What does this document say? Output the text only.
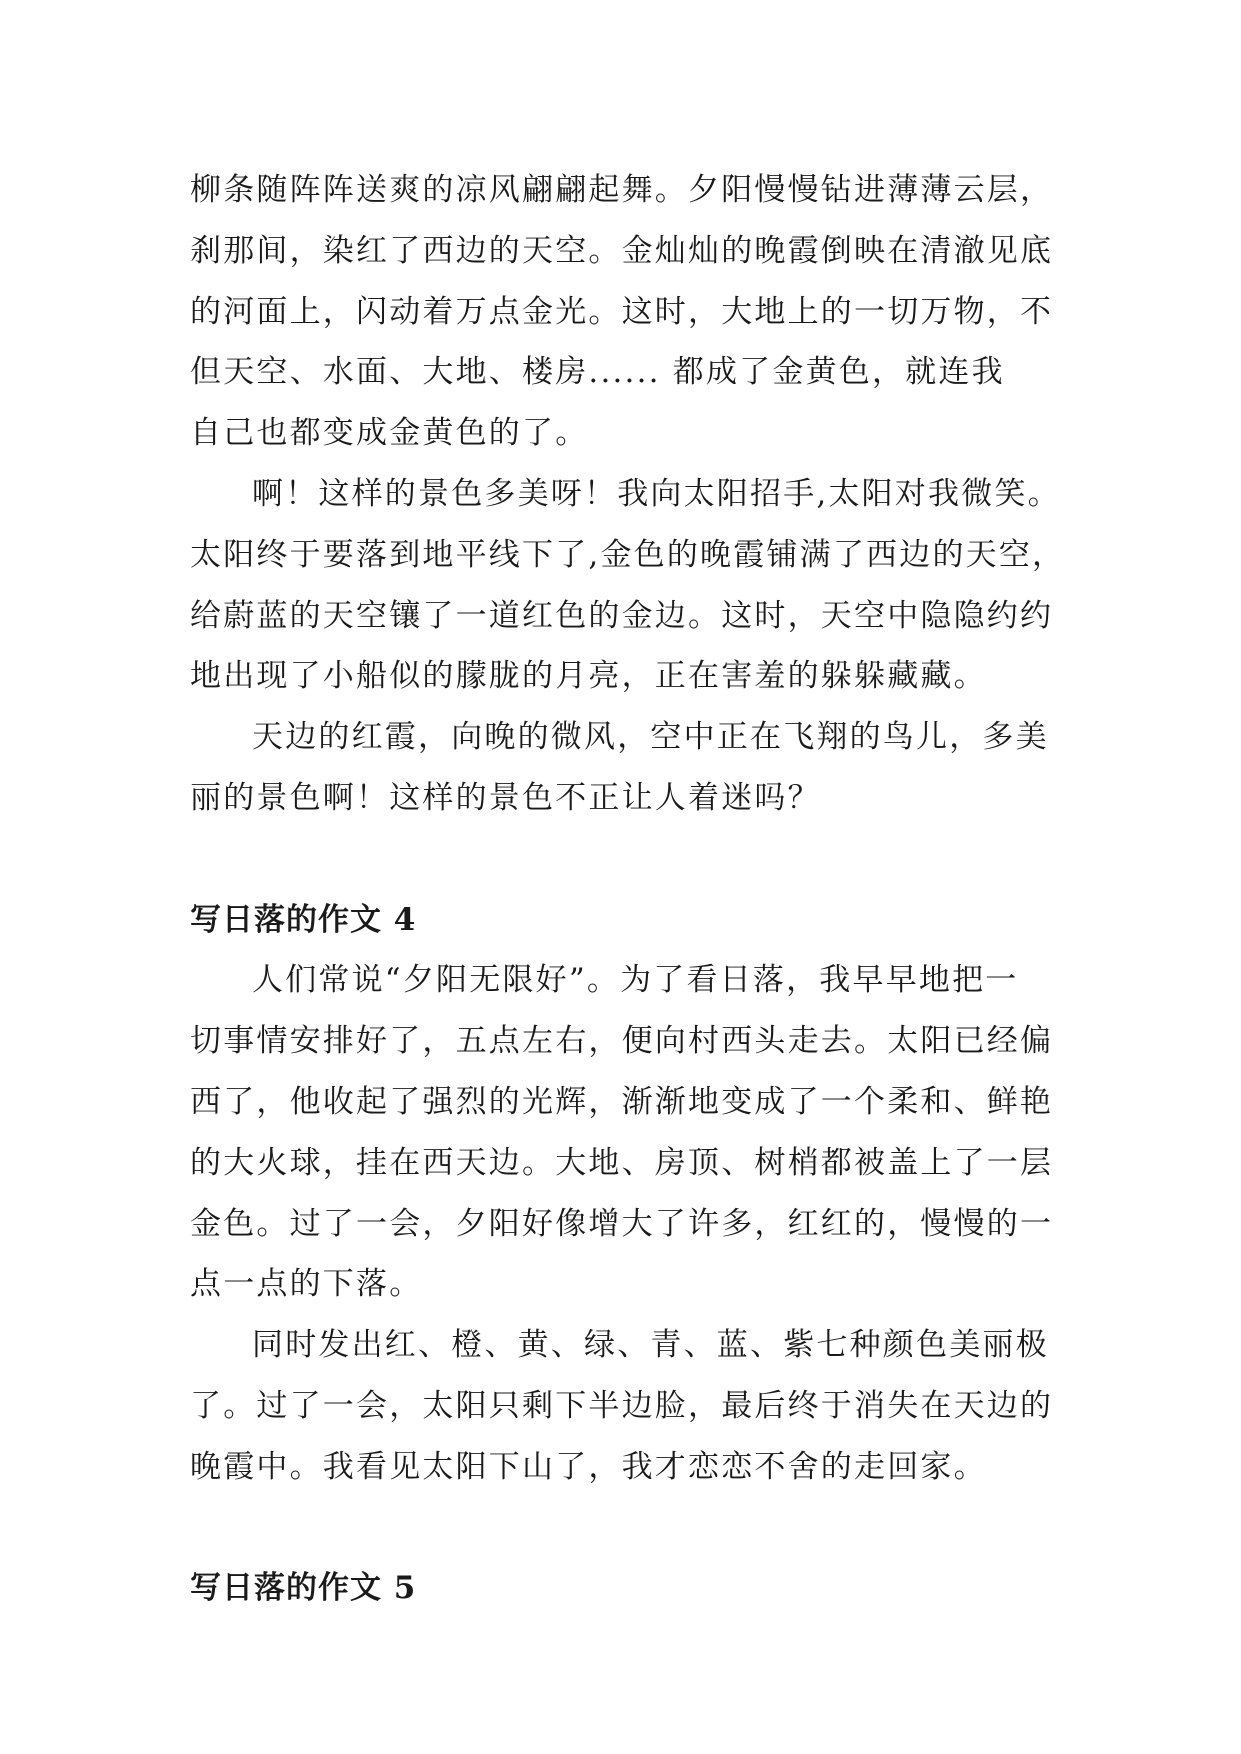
柳条随阵阵送爽的凉风翩翩起舞。夕阳慢慢钻进薄薄云层，
刹那间，染红了西边的天空。金灿灿的晚霞倒映在清澈见底
的河面上，闪动着万点金光。这时，大地上的一切万物，不
但天空、水面、大地、楼房...... 都成了金黄色，就连我
自己也都变成金黄色的了。

啊！这样的景色多美呀！我向太阳招手,太阳对我微笑。
太阳终于要落到地平线下了,金色的晚霞铺满了西边的天空，
给蔚蓝的天空镶了一道红色的金边。这时，天空中隐隐约约
地出现了小船似的朦胧的月亮，正在害羞的躲躲藏藏。

天边的红霞，向晚的微风，空中正在飞翔的鸟儿，多美
丽的景色啊！这样的景色不正让人着迷吗？

写日落的作文 4

人们常说“夕阳无限好”。为了看日落，我早早地把一
切事情安排好了，五点左右，便向村西头走去。太阳已经偏
西了，他收起了强烈的光辉，渐渐地变成了一个柔和、鲜艳
的大火球，挂在西天边。大地、房顶、树梢都被盖上了一层
金色。过了一会，夕阳好像增大了许多，红红的，慢慢的一
点一点的下落。

同时发出红、橙、黄、绿、青、蓝、紫七种颜色美丽极
了。过了一会，太阳只剩下半边脸，最后终于消失在天边的
晚霞中。我看见太阳下山了，我才恋恋不舍的走回家。

写日落的作文 5
